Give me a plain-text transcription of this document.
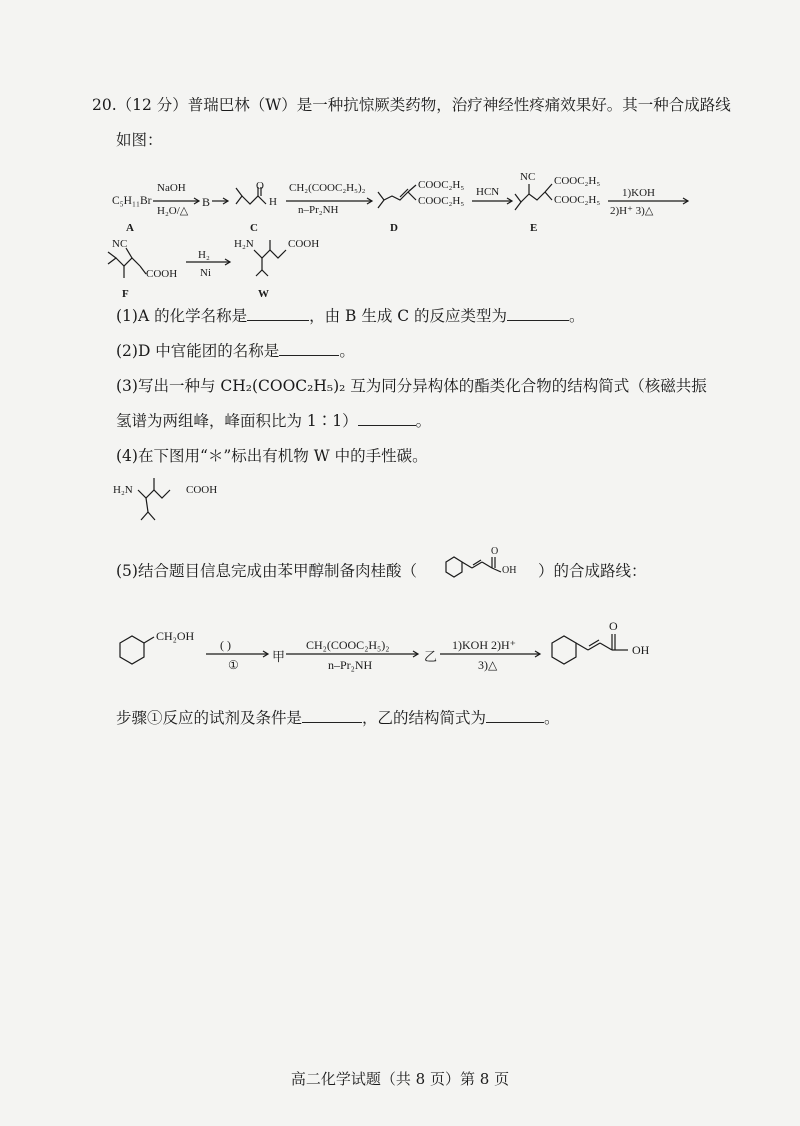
20.（12 分）普瑞巴林（W）是一种抗惊厥类药物，治疗神经性疼痛效果好。其一种合成路线
如图：
C₅H₁₁Br
NaOH
H₂O/△
B
O
H
CH₂(COOC₂H₅)₂
n–Pr₂NH
COOC₂H₅
COOC₂H₅
HCN
NC COOC₂H₅
COOC₂H₅
1)KOH
2)H⁺ 3)△
A	C	D	E
NC
COOH
H₂
Ni
H₂N	COOH
F	W
(1)A 的化学名称是	，由 B 生成 C 的反应类型为	。
(2)D 中官能团的名称是	。
(3)写出一种与 CH₂(COOC₂H₅)₂ 互为同分异构体的酯类化合物的结构简式（核磁共振
氢谱为两组峰，峰面积比为 1∶1）	。
(4)在下图用“＊”标出有机物 W 中的手性碳。
H₂N	COOH
(5)结合题目信息完成由苯甲醇制备肉桂酸（	）的合成路线：
O
OH
CH₂OH
( )
①
甲
CH₂(COOC₂H₅)₂
n–Pr₂NH
乙
1)KOH 2)H⁺
3)△
O
OH
步骤①反应的试剂及条件是	，乙的结构简式为	。
高二化学试题（共 8 页）第 8 页
